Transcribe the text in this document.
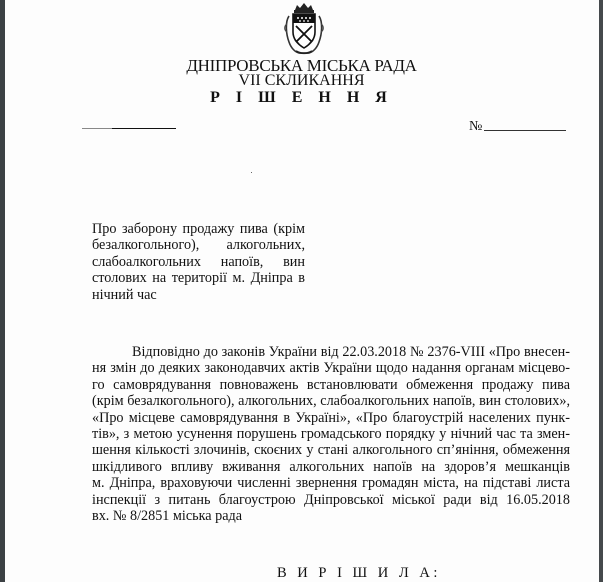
ДНІПРОВСЬКА МІСЬКА РАДА
VII СКЛИКАННЯ
Р І Ш Е Н Н Я
№
Про заборону продажу пива (крім безалкогольного), алкогольних, слабоалкогольних напоїв, вин столових на території м. Дніпра в нічний час
Відповідно до законів України від 22.03.2018 № 2376-VIII «Про внесен-
ня змін до деяких законодавчих актів України щодо надання органам місцево-
го самоврядування повноважень встановлювати обмеження продажу пива
(крім безалкогольного), алкогольних, слабоалкогольних напоїв, вин столових»,
«Про місцеве самоврядування в Україні», «Про благоустрій населених пунк-
тів», з метою усунення порушень громадського порядку у нічний час та змен-
шення кількості злочинів, скоєних у стані алкогольного сп’яніння, обмеження
шкідливого впливу вживання алкогольних напоїв на здоров’я мешканців
м. Дніпра, враховуючи численні звернення громадян міста, на підставі листа
інспекції з питань благоустрою Дніпровської міської ради від 16.05.2018
вх. № 8/2851 міська рада
В И Р І Ш И Л А:
